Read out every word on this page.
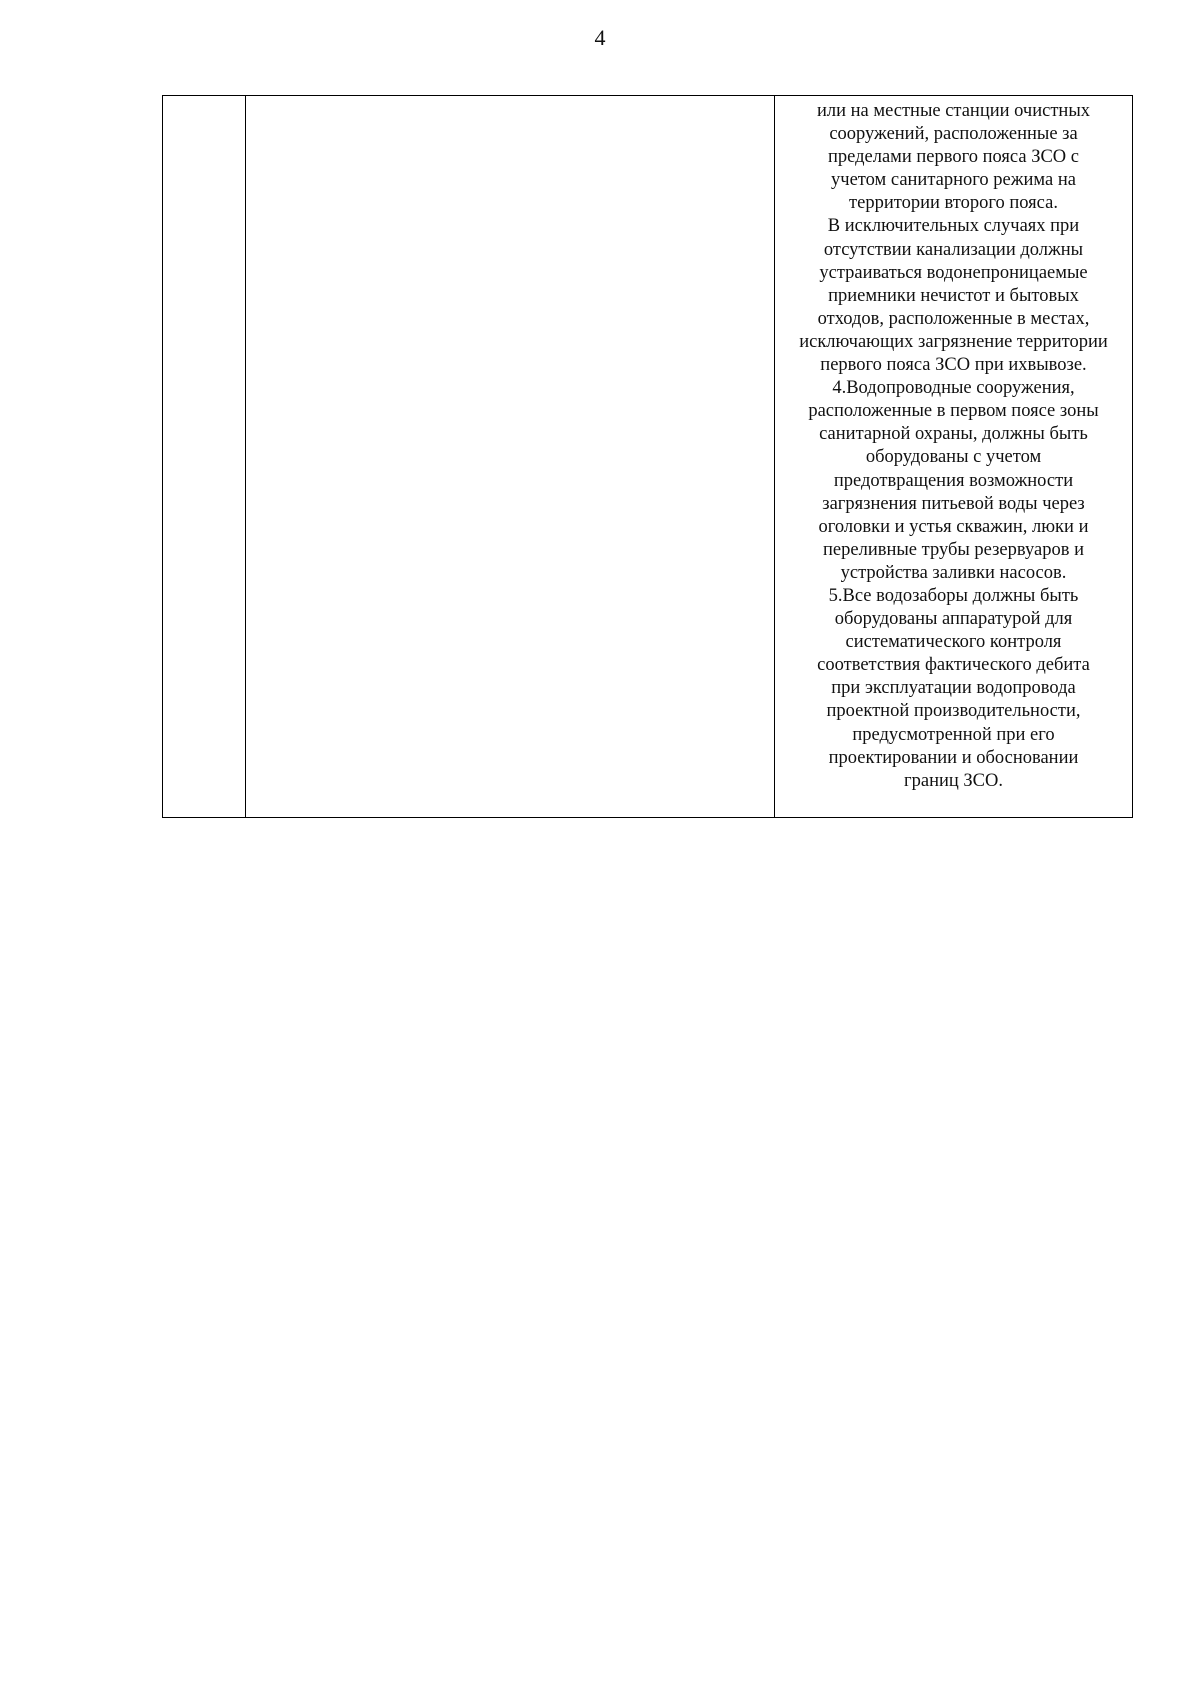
4

или на местные станции очистных
сооружений, расположенные за
пределами первого пояса ЗСО с
учетом санитарного режима на
территории второго пояса.
В исключительных случаях при
отсутствии канализации должны
устраиваться водонепроницаемые
приемники нечистот и бытовых
отходов, расположенные в местах,
исключающих загрязнение территории
первого пояса ЗСО при ихвывозе.
4.Водопроводные сооружения,
расположенные в первом поясе зоны
санитарной охраны, должны быть
оборудованы с учетом
предотвращения возможности
загрязнения питьевой воды через
оголовки и устья скважин, люки и
переливные трубы резервуаров и
устройства заливки насосов.
5.Все водозаборы должны быть
оборудованы аппаратурой для
систематического контроля
соответствия фактического дебита
при эксплуатации водопровода
проектной производительности,
предусмотренной при его
проектировании и обосновании
границ ЗСО.
